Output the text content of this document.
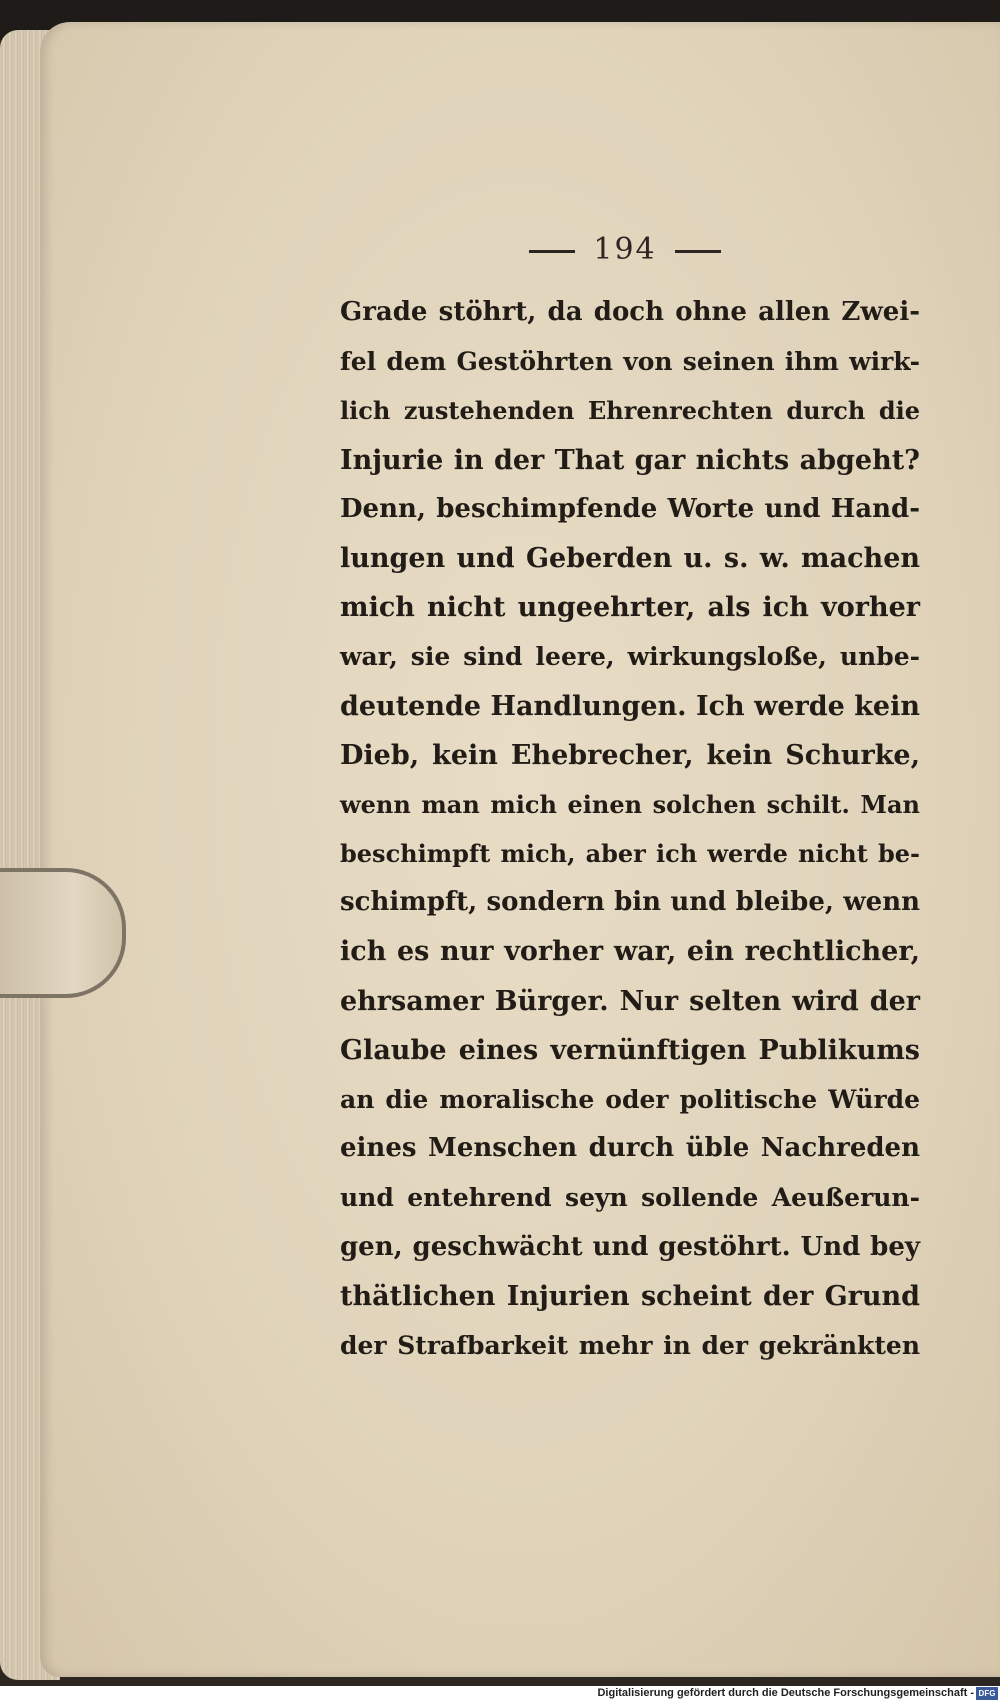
194
Grade stöhrt, da doch ohne allen Zwei-
fel dem Gestöhrten von seinen ihm wirk-
lich zustehenden Ehrenrechten durch die
Injurie in der That gar nichts abgeht?
Denn, beschimpfende Worte und Hand-
lungen und Geberden u. s. w. machen
mich nicht ungeehrter, als ich vorher
war, sie sind leere, wirkungsloße, unbe-
deutende Handlungen. Ich werde kein
Dieb, kein Ehebrecher, kein Schurke,
wenn man mich einen solchen schilt. Man
beschimpft mich, aber ich werde nicht be-
schimpft, sondern bin und bleibe, wenn
ich es nur vorher war, ein rechtlicher,
ehrsamer Bürger. Nur selten wird der
Glaube eines vernünftigen Publikums
an die moralische oder politische Würde
eines Menschen durch üble Nachreden
und entehrend seyn sollende Aeußerun-
gen, geschwächt und gestöhrt. Und bey
thätlichen Injurien scheint der Grund
der Strafbarkeit mehr in der gekränkten
Digitalisierung gefördert durch die Deutsche Forschungsgemeinschaft - DFG
